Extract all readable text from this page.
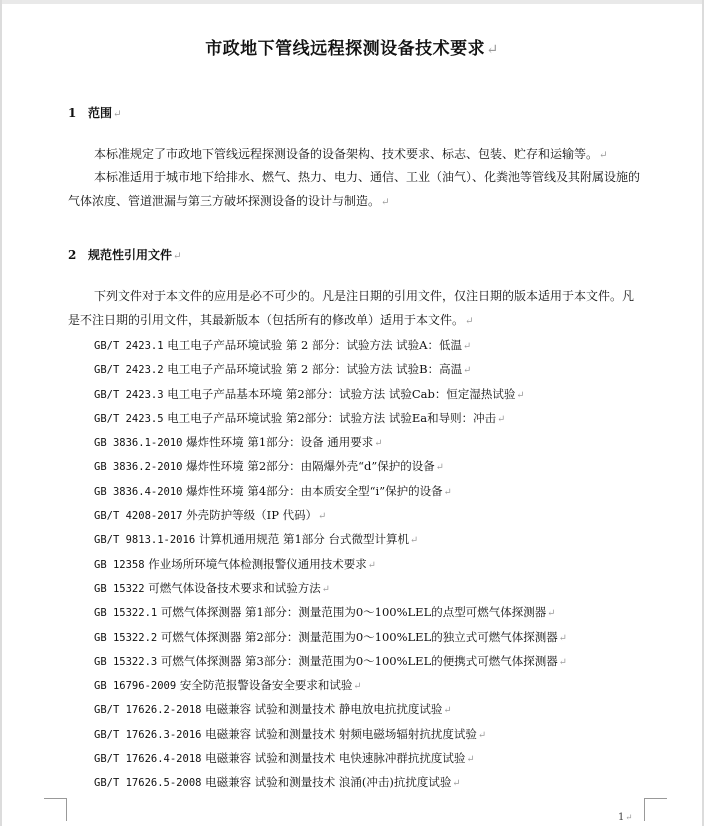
市政地下管线远程探测设备技术要求↵
1 范围↵
本标准规定了市政地下管线远程探测设备的设备架构、技术要求、标志、包装、贮存和运输等。↵
本标准适用于城市地下给排水、燃气、热力、电力、通信、工业（油气）、化粪池等管线及其附属设施的气体浓度、管道泄漏与第三方破坏探测设备的设计与制造。↵
2 规范性引用文件↵
下列文件对于本文件的应用是必不可少的。凡是注日期的引用文件，仅注日期的版本适用于本文件。凡是不注日期的引用文件，其最新版本（包括所有的修改单）适用于本文件。↵
GB/T 2423.1 电工电子产品环境试验 第 2 部分：试验方法 试验A：低温↵
GB/T 2423.2 电工电子产品环境试验 第 2 部分：试验方法 试验B：高温↵
GB/T 2423.3 电工电子产品基本环境 第2部分：试验方法 试验Cab：恒定湿热试验↵
GB/T 2423.5 电工电子产品环境试验 第2部分：试验方法 试验Ea和导则：冲击↵
GB 3836.1-2010 爆炸性环境 第1部分：设备 通用要求↵
GB 3836.2-2010 爆炸性环境 第2部分：由隔爆外壳“d”保护的设备↵
GB 3836.4-2010 爆炸性环境 第4部分：由本质安全型“i”保护的设备↵
GB/T 4208-2017 外壳防护等级（IP 代码）↵
GB/T 9813.1-2016 计算机通用规范 第1部分 台式微型计算机↵
GB 12358 作业场所环境气体检测报警仪通用技术要求↵
GB 15322 可燃气体设备技术要求和试验方法↵
GB 15322.1 可燃气体探测器 第1部分：测量范围为0～100%LEL的点型可燃气体探测器↵
GB 15322.2 可燃气体探测器 第2部分：测量范围为0～100%LEL的独立式可燃气体探测器↵
GB 15322.3 可燃气体探测器 第3部分：测量范围为0～100%LEL的便携式可燃气体探测器↵
GB 16796-2009 安全防范报警设备安全要求和试验↵
GB/T 17626.2-2018 电磁兼容 试验和测量技术 静电放电抗扰度试验↵
GB/T 17626.3-2016 电磁兼容 试验和测量技术 射频电磁场辐射抗扰度试验↵
GB/T 17626.4-2018 电磁兼容 试验和测量技术 电快速脉冲群抗扰度试验↵
GB/T 17626.5-2008 电磁兼容 试验和测量技术 浪涌(冲击)抗扰度试验↵
1↵
